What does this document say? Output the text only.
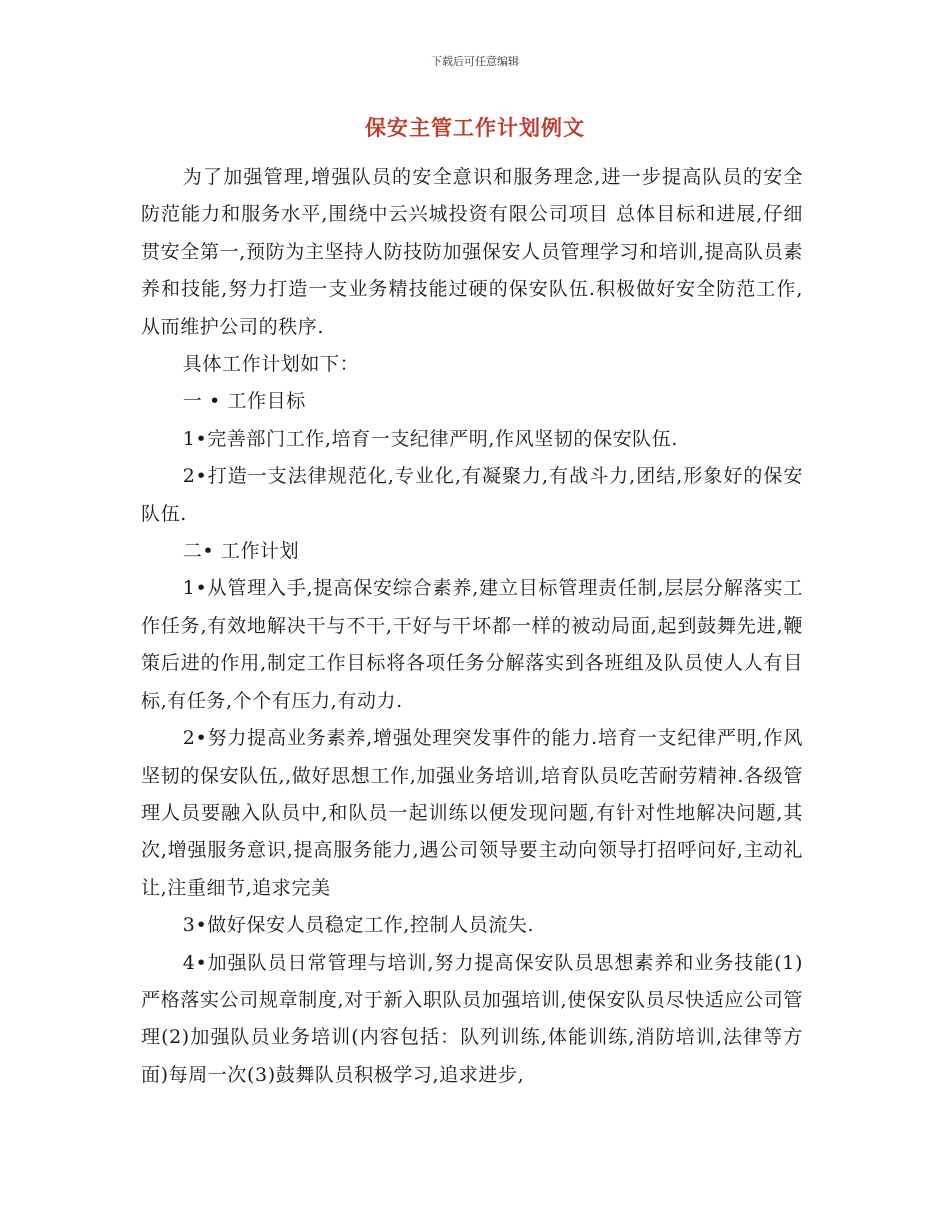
下载后可任意编辑
保安主管工作计划例文

为了加强管理,增强队员的安全意识和服务理念,进一步提高队员的安全防范能力和服务水平,围绕中云兴城投资有限公司项目 总体目标和进展,仔细贯安全第一,预防为主坚持人防技防加强保安人员管理学习和培训,提高队员素养和技能,努力打造一支业务精技能过硬的保安队伍.积极做好安全防范工作,从而维护公司的秩序.

具体工作计划如下：

一 • 工作目标

1•完善部门工作,培育一支纪律严明,作风坚韧的保安队伍.

2•打造一支法律规范化,专业化,有凝聚力,有战斗力,团结,形象好的保安队伍.

二• 工作计划

1•从管理入手,提高保安综合素养,建立目标管理责任制,层层分解落实工作任务,有效地解决干与不干,干好与干坏都一样的被动局面,起到鼓舞先进,鞭策后进的作用,制定工作目标将各项任务分解落实到各班组及队员使人人有目标,有任务,个个有压力,有动力.

2•努力提高业务素养,增强处理突发事件的能力.培育一支纪律严明,作风坚韧的保安队伍,,做好思想工作,加强业务培训,培育队员吃苦耐劳精神.各级管理人员要融入队员中,和队员一起训练以便发现问题,有针对性地解决问题,其次,增强服务意识,提高服务能力,遇公司领导要主动向领导打招呼问好,主动礼让,注重细节,追求完美

3•做好保安人员稳定工作,控制人员流失.

4•加强队员日常管理与培训,努力提高保安队员思想素养和业务技能(1)严格落实公司规章制度,对于新入职队员加强培训,使保安队员尽快适应公司管理(2)加强队员业务培训(内容包括：队列训练,体能训练,消防培训,法律等方面)每周一次(3)鼓舞队员积极学习,追求进步,
